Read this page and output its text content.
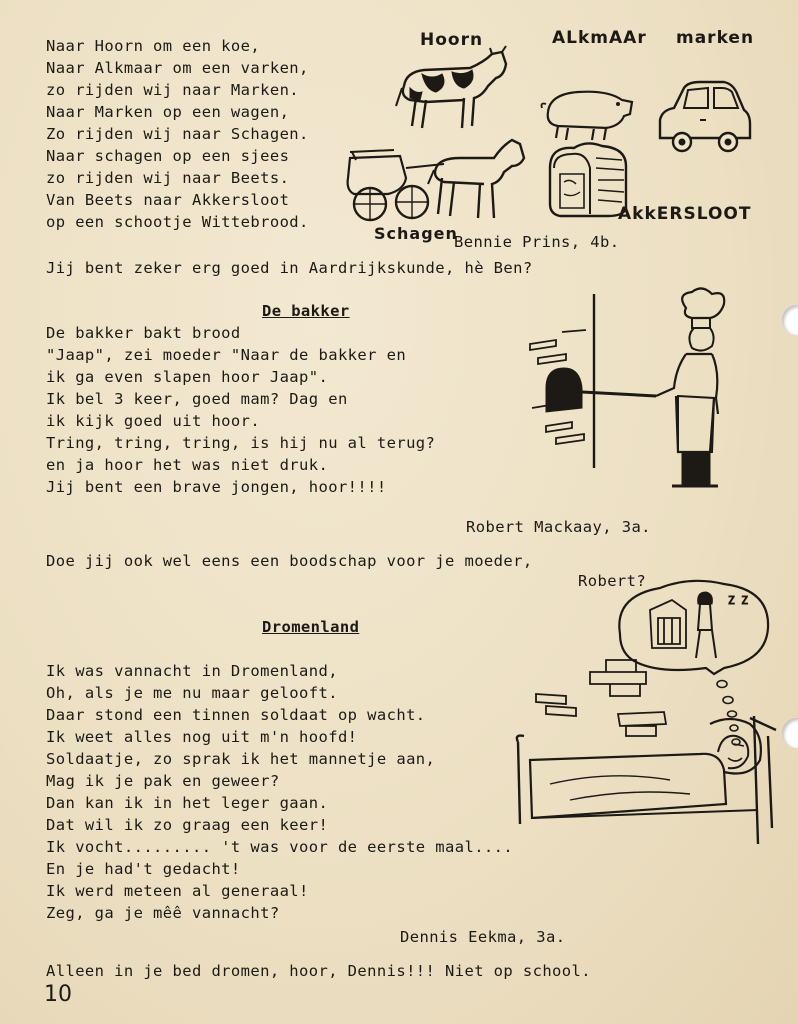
Naar Hoorn om een koe,
Naar Alkmaar om een varken,
zo rijden wij naar Marken.
Naar Marken op een wagen,
Zo rijden wij naar Schagen.
Naar schagen op een sjees
zo rijden wij naar Beets.
Van Beets naar Akkersloot
op een schootje Wittebrood.
Hoorn	ALkmAAr marken
Schagen
AkkERSLOOT
Bennie Prins, 4b.
Jij bent zeker erg goed in Aardrijkskunde, hè Ben?
De bakker
De bakker bakt brood
"Jaap", zei moeder "Naar de bakker en
ik ga even slapen hoor Jaap".
Ik bel 3 keer, goed mam? Dag en
ik kijk goed uit hoor.
Tring, tring, tring, is hij nu al terug?
en ja hoor het was niet druk.
Jij bent een brave jongen, hoor!!!!
Robert Mackaay, 3a.
Doe jij ook wel eens een boodschap voor je moeder,
Robert?
Dromenland
Ik was vannacht in Dromenland,
Oh, als je me nu maar gelooft.
Daar stond een tinnen soldaat op wacht.
Ik weet alles nog uit m'n hoofd!
Soldaatje, zo sprak ik het mannetje aan,
Mag ik je pak en geweer?
Dan kan ik in het leger gaan.
Dat wil ik zo graag een keer!
Ik vocht......... 't was voor de eerste maal....
En je had't gedacht!
Ik werd meteen al generaal!
Zeg, ga je mêê vannacht?
Z Z
Dennis Eekma, 3a.
Alleen in je bed dromen, hoor, Dennis!!! Niet op school.
10
